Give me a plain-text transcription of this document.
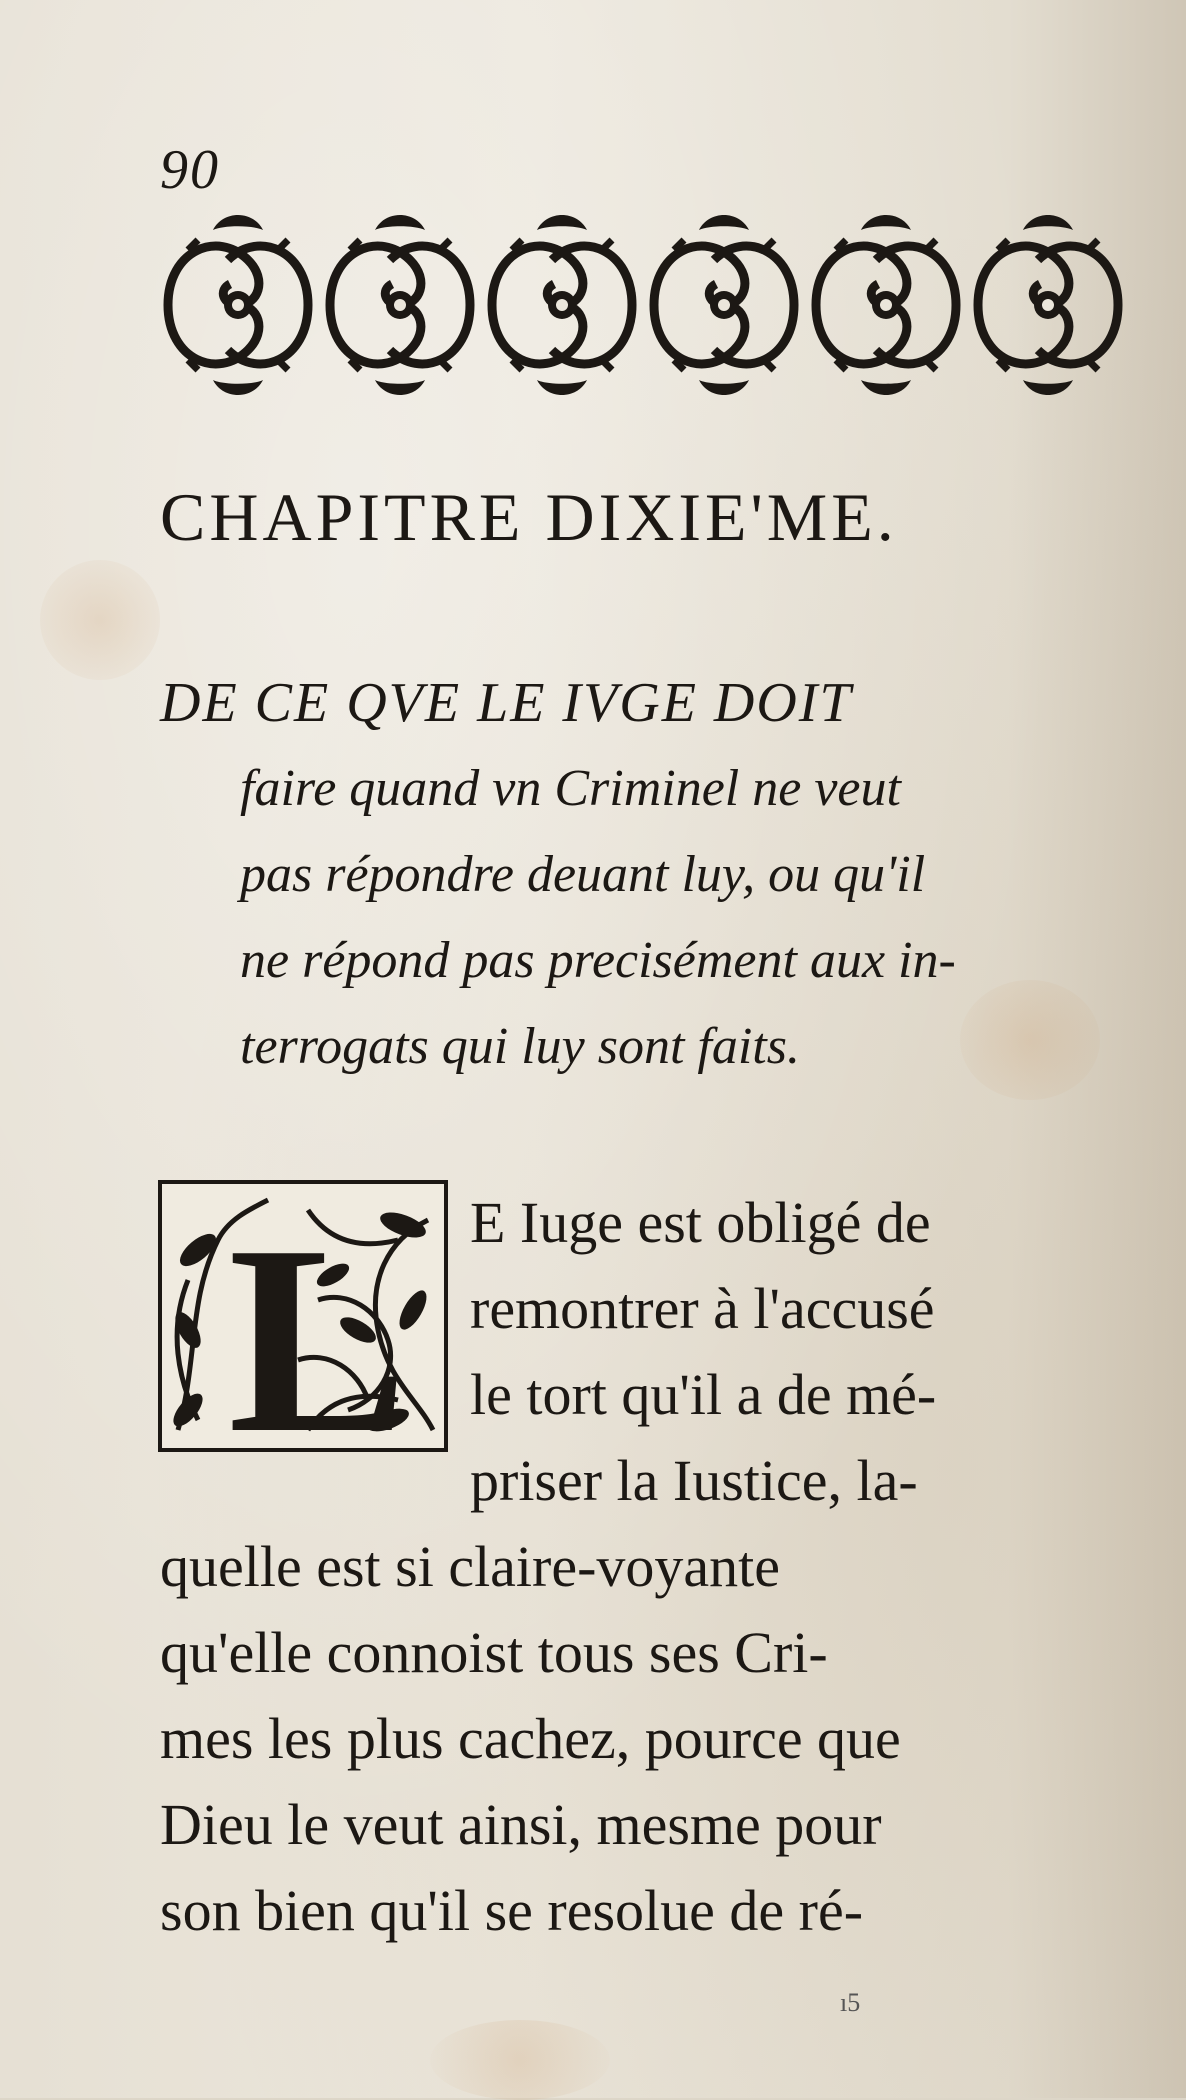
90
CHAPITRE DIXIE'ME.
DE CE QVE LE IVGE DOIT
faire quand vn Criminel ne veut
pas répondre deuant luy, ou qu'il
ne répond pas precisément aux in-
terrogats qui luy sont faits.
L	E Iuge est obligé de
remontrer à l'accusé
le tort qu'il a de mé-
priser la Iustice, la-
quelle est si claire-voyante
qu'elle connoist tous ses Cri-
mes les plus cachez, pource que
Dieu le veut ainsi, mesme pour
son bien qu'il se resolue de ré-
ı5
